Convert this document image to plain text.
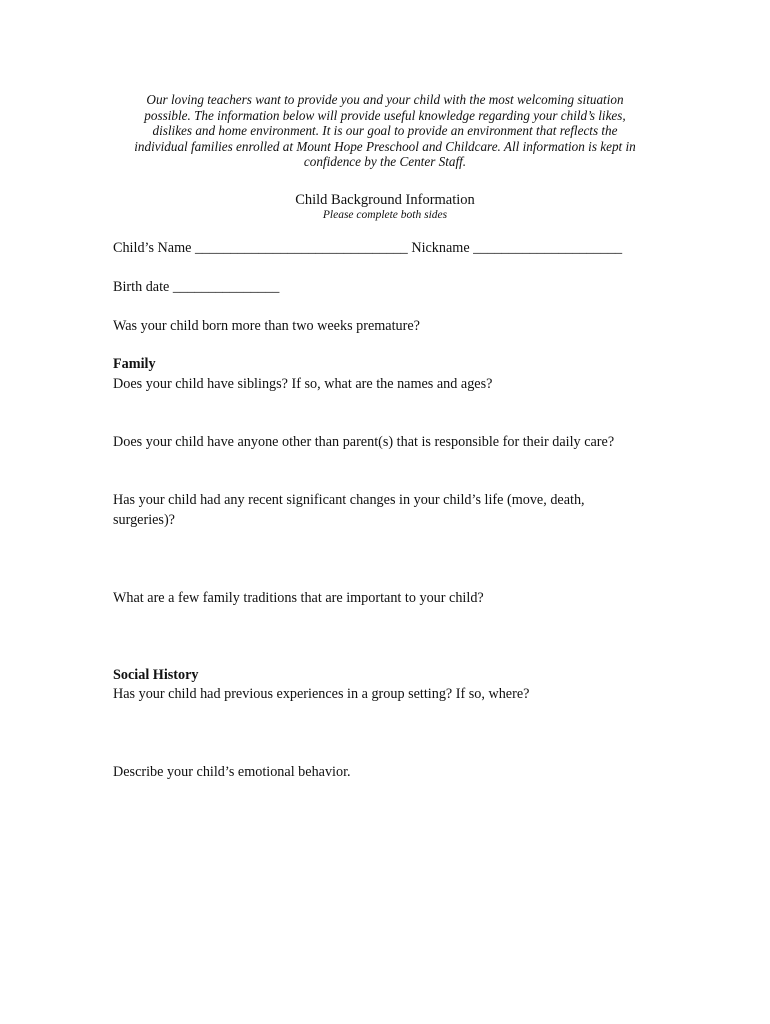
Our loving teachers want to provide you and your child with the most welcoming situation
possible. The information below will provide useful knowledge regarding your child’s likes,
dislikes and home environment. It is our goal to provide an environment that reflects the
individual families enrolled at Mount Hope Preschool and Childcare. All information is kept in
confidence by the Center Staff.
Child Background Information
Please complete both sides
Child’s Name ______________________________ Nickname _____________________
Birth date _______________
Was your child born more than two weeks premature?
Family
Does your child have siblings? If so, what are the names and ages?
Does your child have anyone other than parent(s) that is responsible for their daily care?
Has your child had any recent significant changes in your child’s life (move, death,
surgeries)?
What are a few family traditions that are important to your child?
Social History
Has your child had previous experiences in a group setting? If so, where?
Describe your child’s emotional behavior.
